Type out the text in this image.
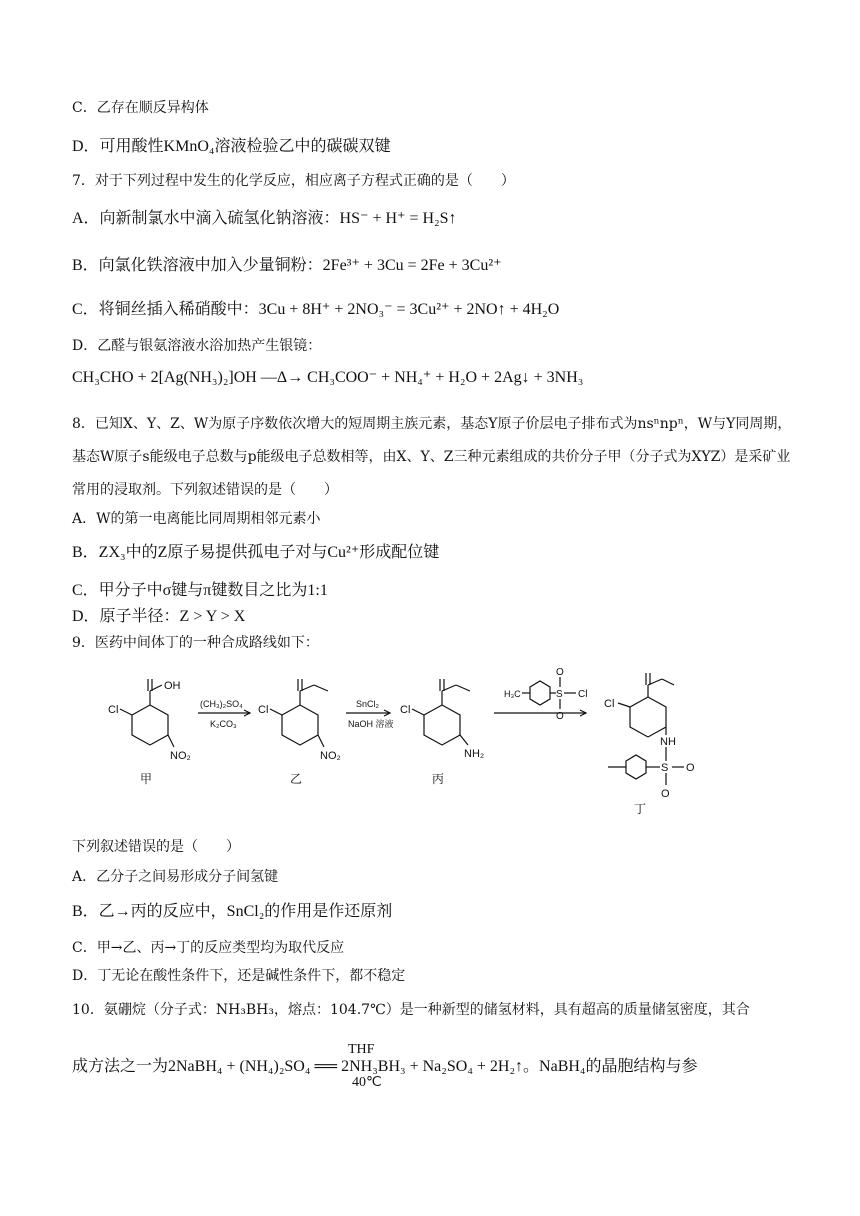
C．乙存在顺反异构体
D．可用酸性KMnO₄溶液检验乙中的碳碳双键
7．对于下列过程中发生的化学反应，相应离子方程式正确的是（　　）
A．向新制氯水中滴入硫氢化钠溶液：HS⁻ + H⁺ = H₂S↑
B．向氯化铁溶液中加入少量铜粉：2Fe³⁺ + 3Cu = 2Fe + 3Cu²⁺
C．将铜丝插入稀硝酸中：3Cu + 8H⁺ + 2NO₃⁻ = 3Cu²⁺ + 2NO↑ + 4H₂O
D．乙醛与银氨溶液水浴加热产生银镜：
CH₃CHO + 2[Ag(NH₃)₂]OH —Δ→ CH₃COO⁻ + NH₄⁺ + H₂O + 2Ag↓ + 3NH₃
8．已知X、Y、Z、W为原子序数依次增大的短周期主族元素，基态Y原子价层电子排布式为nsⁿnpⁿ，W与Y同周期，基态W原子s能级电子总数与p能级电子总数相等，由X、Y、Z三种元素组成的共价分子甲（分子式为XYZ）是采矿业常用的浸取剂。下列叙述错误的是（　　）
A．W的第一电离能比同周期相邻元素小
B．ZX₃中的Z原子易提供孤电子对与Cu²⁺形成配位键
C．甲分子中σ键与π键数目之比为1:1
D．原子半径：Z > Y > X
9．医药中间体丁的一种合成路线如下：
Cl
OH
NO₂
Cl
NO₂
Cl
NH₂
H₃C	S
O
O
Cl
Cl
NH
S O
O
(CH₃)₂SO₄
K₂CO₃
SnCl₂
NaOH 溶液
甲	乙	丙
丁
下列叙述错误的是（　　）
A．乙分子之间易形成分子间氢键
B．乙→丙的反应中，SnCl₂的作用是作还原剂
C．甲→乙、丙→丁的反应类型均为取代反应
D．丁无论在酸性条件下，还是碱性条件下，都不稳定
10．氨硼烷（分子式：NH₃BH₃，熔点：104.7℃）是一种新型的储氢材料，具有超高的质量储氢密度，其合
THF
成方法之一为2NaBH₄ + (NH₄)₂SO₄ ══ 2NH₃BH₃ + Na₂SO₄ + 2H₂↑。NaBH₄的晶胞结构与参
40℃
